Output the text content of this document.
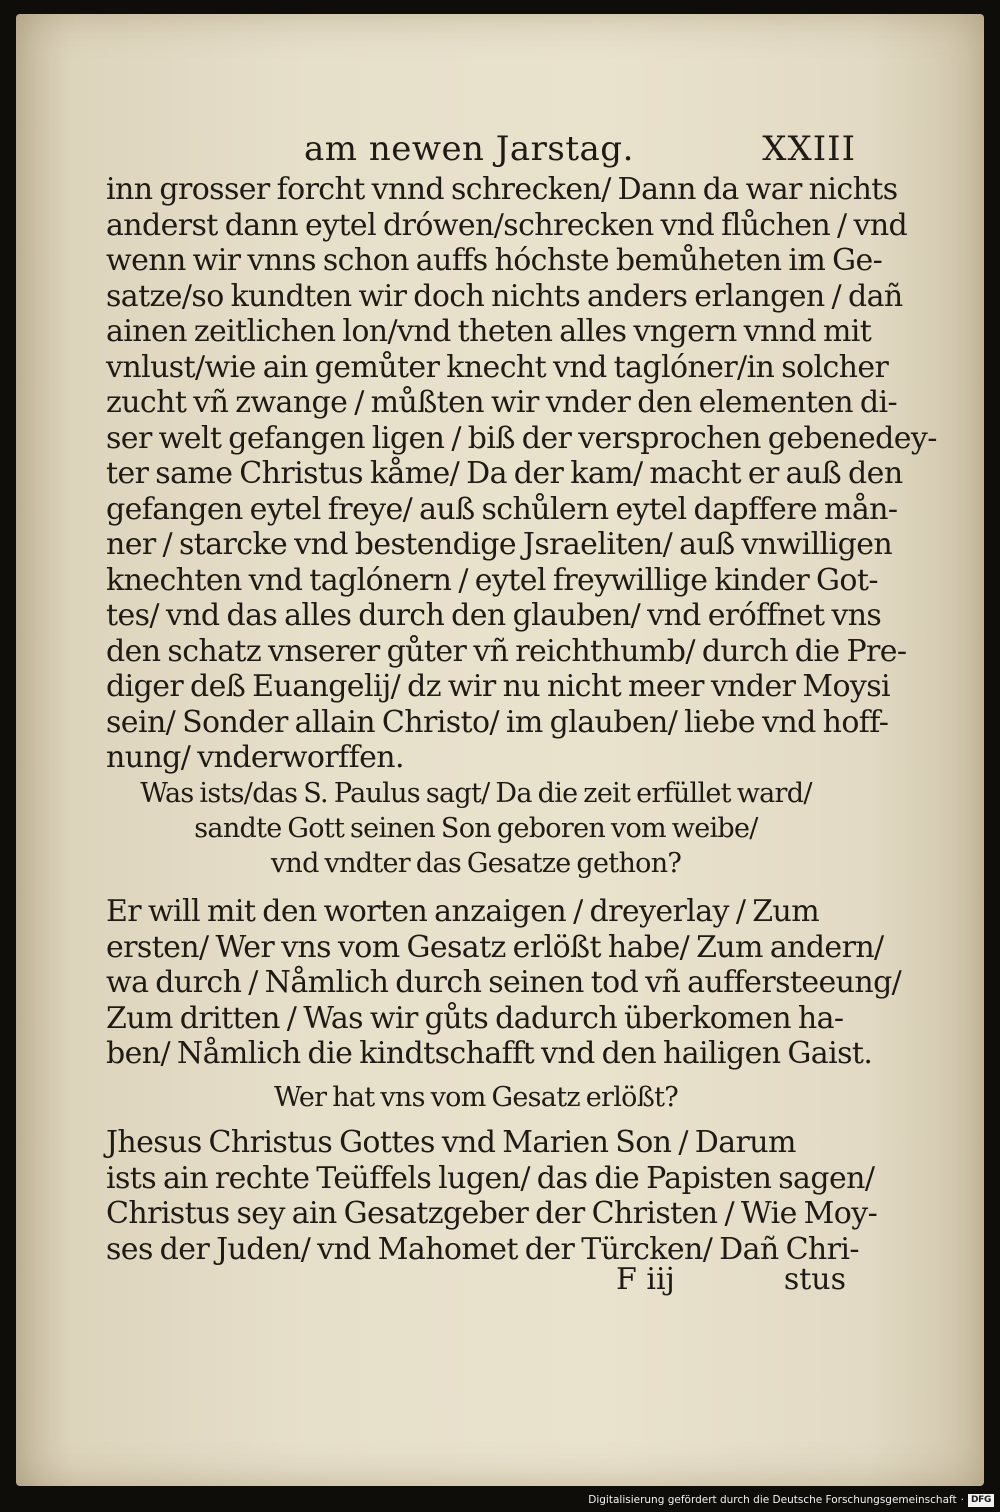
am newen Jarstag.	XXIII
inn grosser forcht vnnd schrecken/ Dann da war nichts
anderst dann eytel drówen/schrecken vnd flůchen / vnd
wenn wir vnns schon auffs hóchste bemůheten im Ge-
satze/so kundten wir doch nichts anders erlangen / dañ
ainen zeitlichen lon/vnd theten alles vngern vnnd mit
vnlust/wie ain gemůter knecht vnd taglóner/in solcher
zucht vñ zwange / můßten wir vnder den elementen di-
ser welt gefangen ligen / biß der versprochen gebenedey-
ter same Christus kåme/ Da der kam/ macht er auß den
gefangen eytel freye/ auß schůlern eytel dapffere mån-
ner / starcke vnd bestendige Jsraeliten/ auß vnwilligen
knechten vnd taglónern / eytel freywillige kinder Got-
tes/ vnd das alles durch den glauben/ vnd eróffnet vns
den schatz vnserer gůter vñ reichthumb/ durch die Pre-
diger deß Euangelij/ dz wir nu nicht meer vnder Moysi
sein/ Sonder allain Christo/ im glauben/ liebe vnd hoff-
nung/ vnderworffen.
Was ists/das S. Paulus sagt/ Da die zeit erfüllet ward/
sandte Gott seinen Son geboren vom weibe/
vnd vndter das Gesatze gethon?
Er will mit den worten anzaigen / dreyerlay / Zum
ersten/ Wer vns vom Gesatz erlößt habe/ Zum andern/
wa durch / Nåmlich durch seinen tod vñ auffersteeung/
Zum dritten / Was wir gůts dadurch überkomen ha-
ben/ Nåmlich die kindtschafft vnd den hailigen Gaist.
Wer hat vns vom Gesatz erlößt?
Jhesus Christus Gottes vnd Marien Son / Darum
ists ain rechte Teüffels lugen/ das die Papisten sagen/
Christus sey ain Gesatzgeber der Christen / Wie Moy-
ses der Juden/ vnd Mahomet der Türcken/ Dañ Chri-
F iij	stus
Digitalisierung gefördert durch die Deutsche Forschungsgemeinschaft · DFG
